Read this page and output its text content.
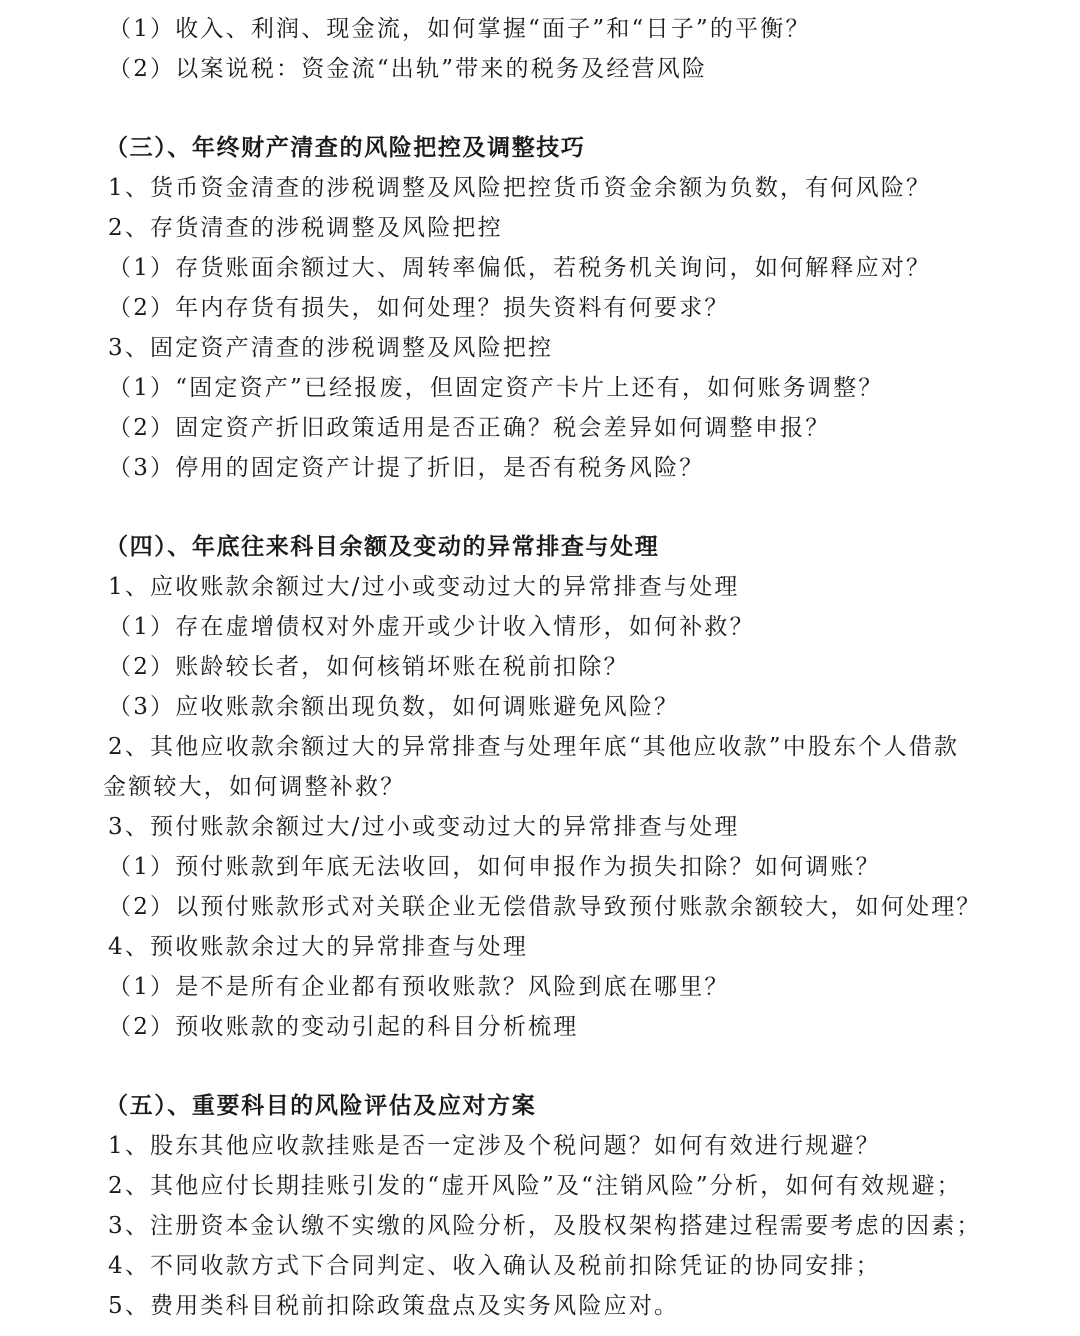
（1）收入、利润、现金流，如何掌握“面子”和“日子”的平衡？
（2）以案说税：资金流“出轨”带来的税务及经营风险
（三）、年终财产清查的风险把控及调整技巧
1、货币资金清查的涉税调整及风险把控货币资金余额为负数，有何风险？
2、存货清查的涉税调整及风险把控
（1）存货账面余额过大、周转率偏低，若税务机关询问，如何解释应对？
（2）年内存货有损失，如何处理？损失资料有何要求？
3、固定资产清查的涉税调整及风险把控
（1）“固定资产”已经报废，但固定资产卡片上还有，如何账务调整？
（2）固定资产折旧政策适用是否正确？税会差异如何调整申报？
（3）停用的固定资产计提了折旧，是否有税务风险？
（四）、年底往来科目余额及变动的异常排查与处理
1、应收账款余额过大/过小或变动过大的异常排查与处理
（1）存在虚增债权对外虚开或少计收入情形，如何补救？
（2）账龄较长者，如何核销坏账在税前扣除？
（3）应收账款余额出现负数，如何调账避免风险？
2、其他应收款余额过大的异常排查与处理年底“其他应收款”中股东个人借款
金额较大，如何调整补救？
3、预付账款余额过大/过小或变动过大的异常排查与处理
（1）预付账款到年底无法收回，如何申报作为损失扣除？如何调账？
（2）以预付账款形式对关联企业无偿借款导致预付账款余额较大，如何处理？
4、预收账款余过大的异常排查与处理
（1）是不是所有企业都有预收账款？风险到底在哪里？
（2）预收账款的变动引起的科目分析梳理
（五）、重要科目的风险评估及应对方案
1、股东其他应收款挂账是否一定涉及个税问题？如何有效进行规避？
2、其他应付长期挂账引发的“虚开风险”及“注销风险”分析，如何有效规避；
3、注册资本金认缴不实缴的风险分析，及股权架构搭建过程需要考虑的因素；
4、不同收款方式下合同判定、收入确认及税前扣除凭证的协同安排；
5、费用类科目税前扣除政策盘点及实务风险应对。
